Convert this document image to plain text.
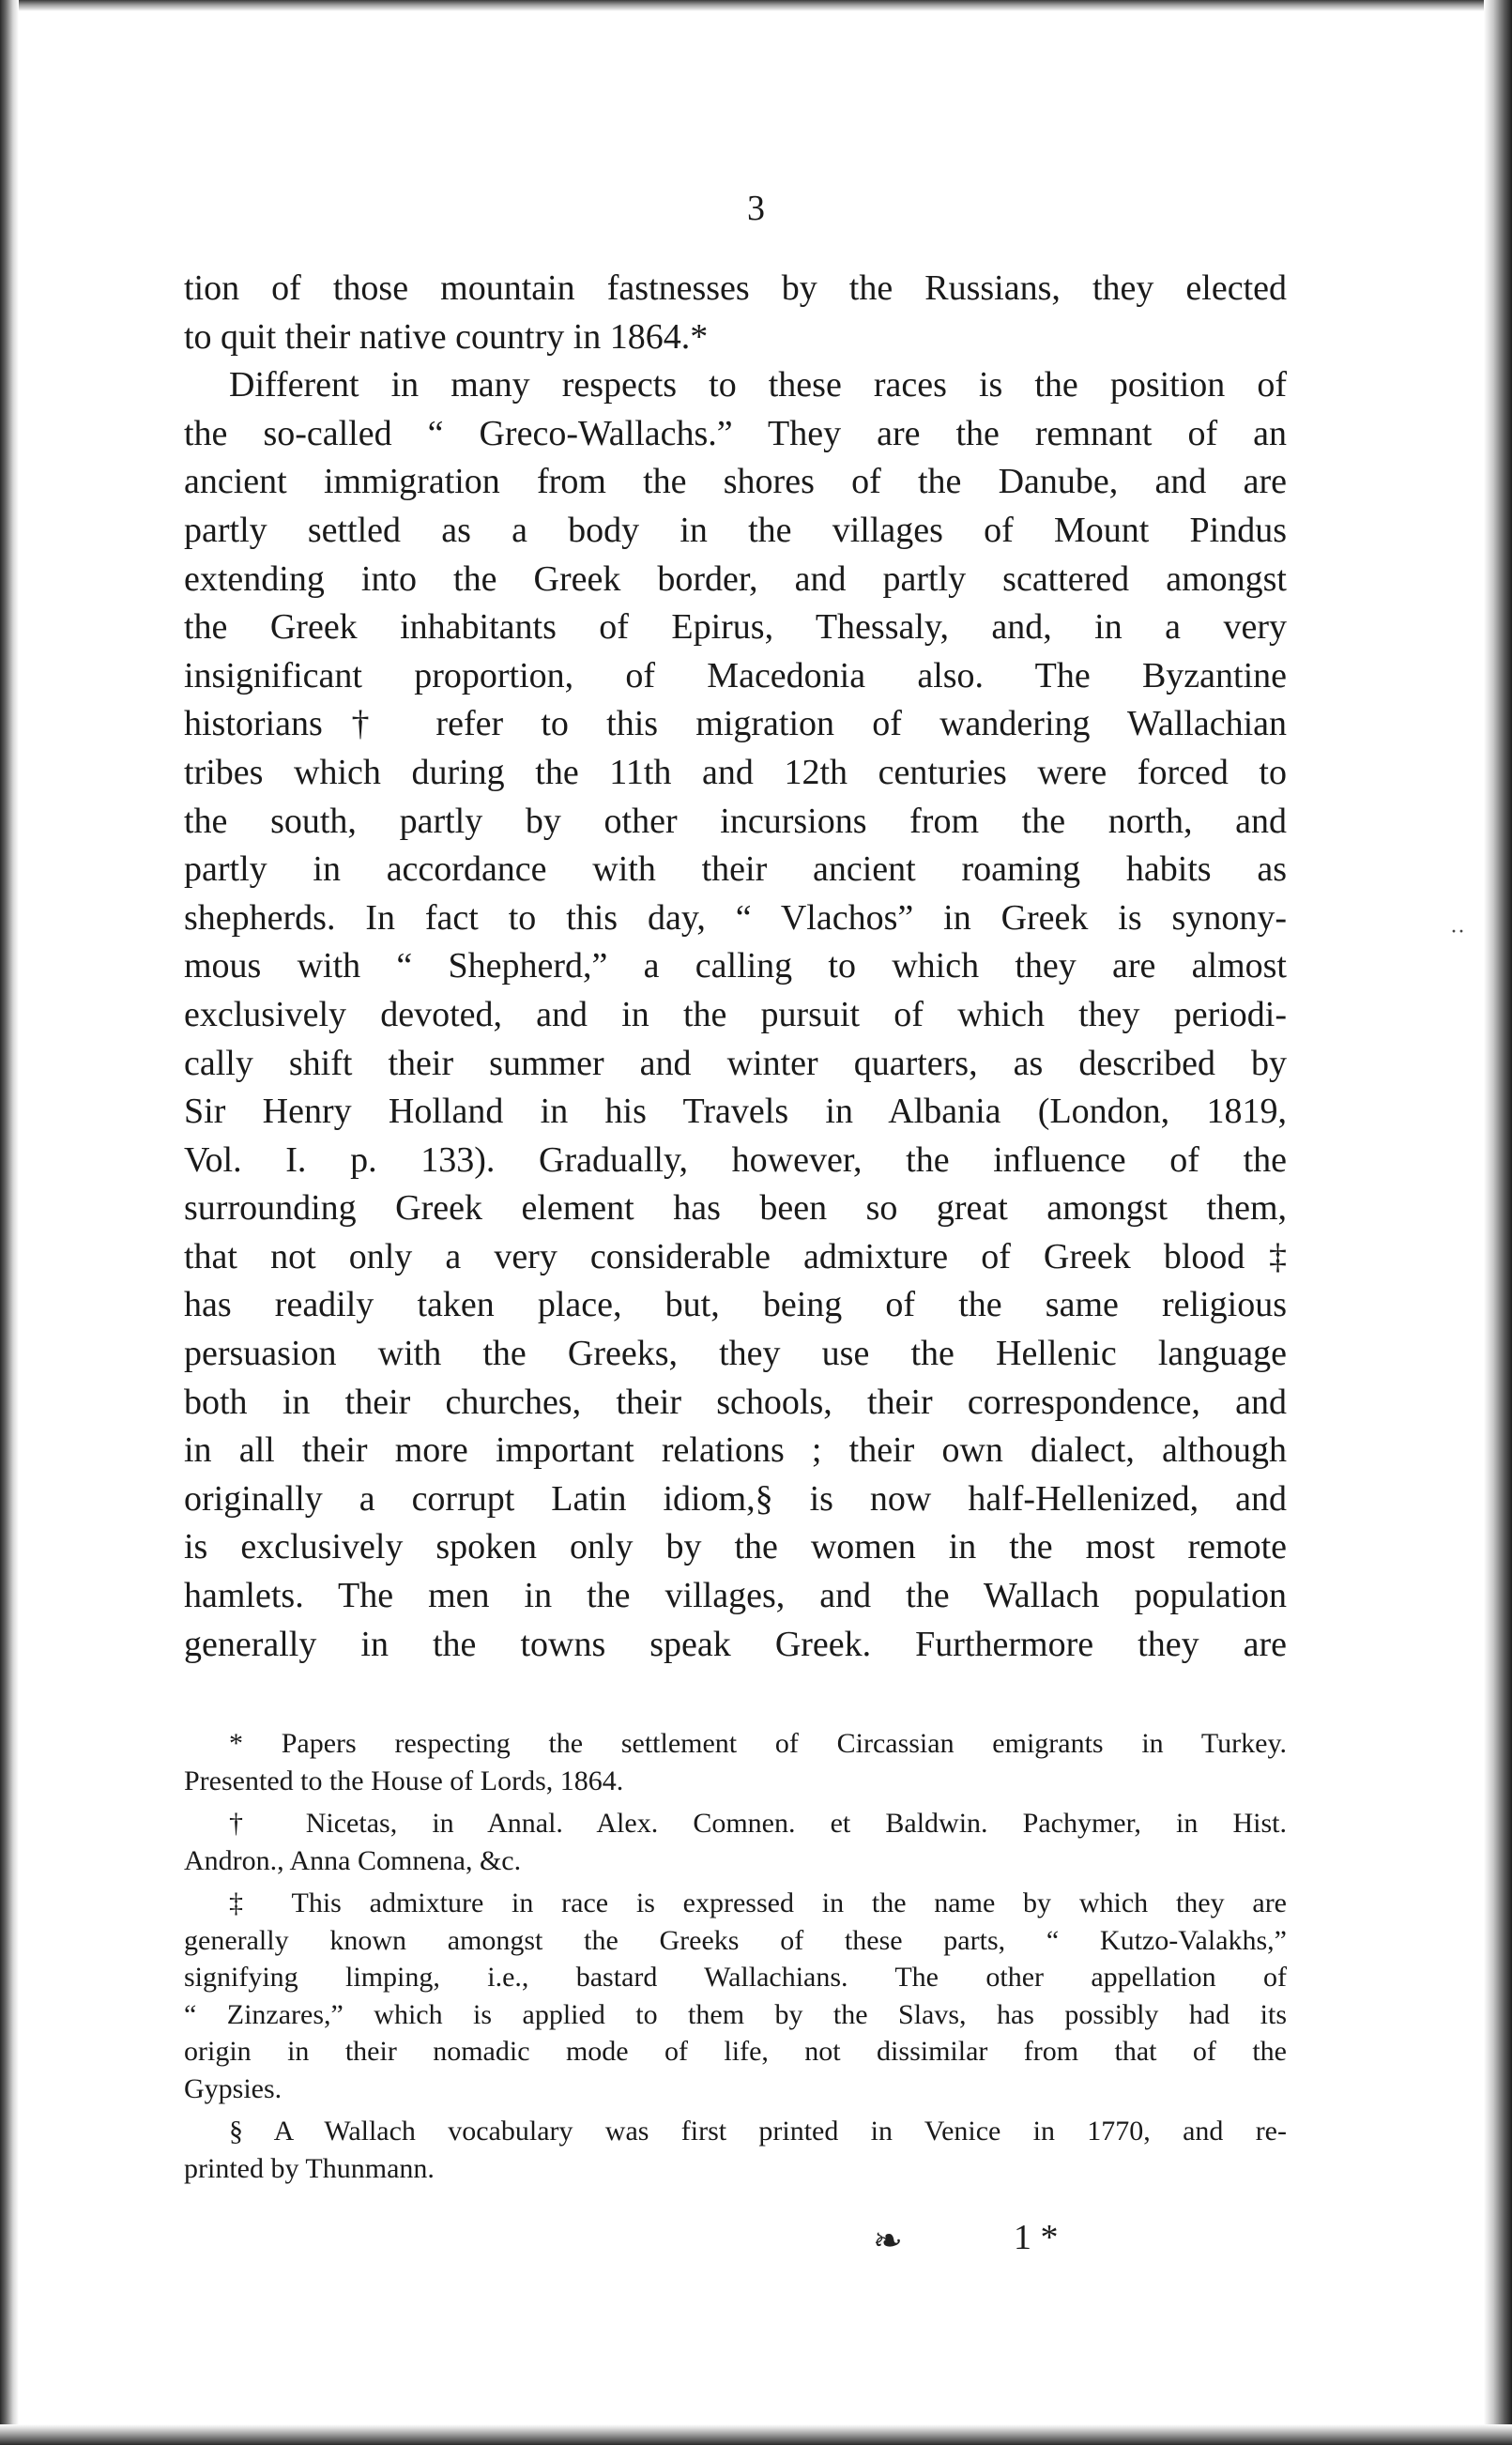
3
tion of those mountain fastnesses by the Russians, they elected
to quit their native country in 1864.*
Different in many respects to these races is the position of
the so-called “ Greco-Wallachs.” They are the remnant of an
ancient immigration from the shores of the Danube, and are
partly settled as a body in the villages of Mount Pindus
extending into the Greek border, and partly scattered amongst
the Greek inhabitants of Epirus, Thessaly, and, in a very
insignificant proportion, of Macedonia also. The Byzantine
historians† refer to this migration of wandering Wallachian
tribes which during the 11th and 12th centuries were forced to
the south, partly by other incursions from the north, and
partly in accordance with their ancient roaming habits as
shepherds. In fact to this day, “ Vlachos” in Greek is synony-
mous with “ Shepherd,” a calling to which they are almost
exclusively devoted, and in the pursuit of which they periodi-
cally shift their summer and winter quarters, as described by
Sir Henry Holland in his Travels in Albania (London, 1819,
Vol. I. p. 133). Gradually, however, the influence of the
surrounding Greek element has been so great amongst them,
that not only a very considerable admixture of Greek blood‡
has readily taken place, but, being of the same religious
persuasion with the Greeks, they use the Hellenic language
both in their churches, their schools, their correspondence, and
in all their more important relations ; their own dialect, although
originally a corrupt Latin idiom,§ is now half-Hellenized, and
is exclusively spoken only by the women in the most remote
hamlets. The men in the villages, and the Wallach population
generally in the towns speak Greek. Furthermore they are
* Papers respecting the settlement of Circassian emigrants in Turkey.
Presented to the House of Lords, 1864.
† Nicetas, in Annal. Alex. Comnen. et Baldwin. Pachymer, in Hist.
Andron., Anna Comnena, &c.
‡ This admixture in race is expressed in the name by which they are
generally known amongst the Greeks of these parts, “ Kutzo-Valakhs,”
signifying limping, i.e., bastard Wallachians. The other appellation of
“ Zinzares,” which is applied to them by the Slavs, has possibly had its
origin in their nomadic mode of life, not dissimilar from that of the
Gypsies.
§ A Wallach vocabulary was first printed in Venice in 1770, and re-
printed by Thunmann.
❧	1 *
··
